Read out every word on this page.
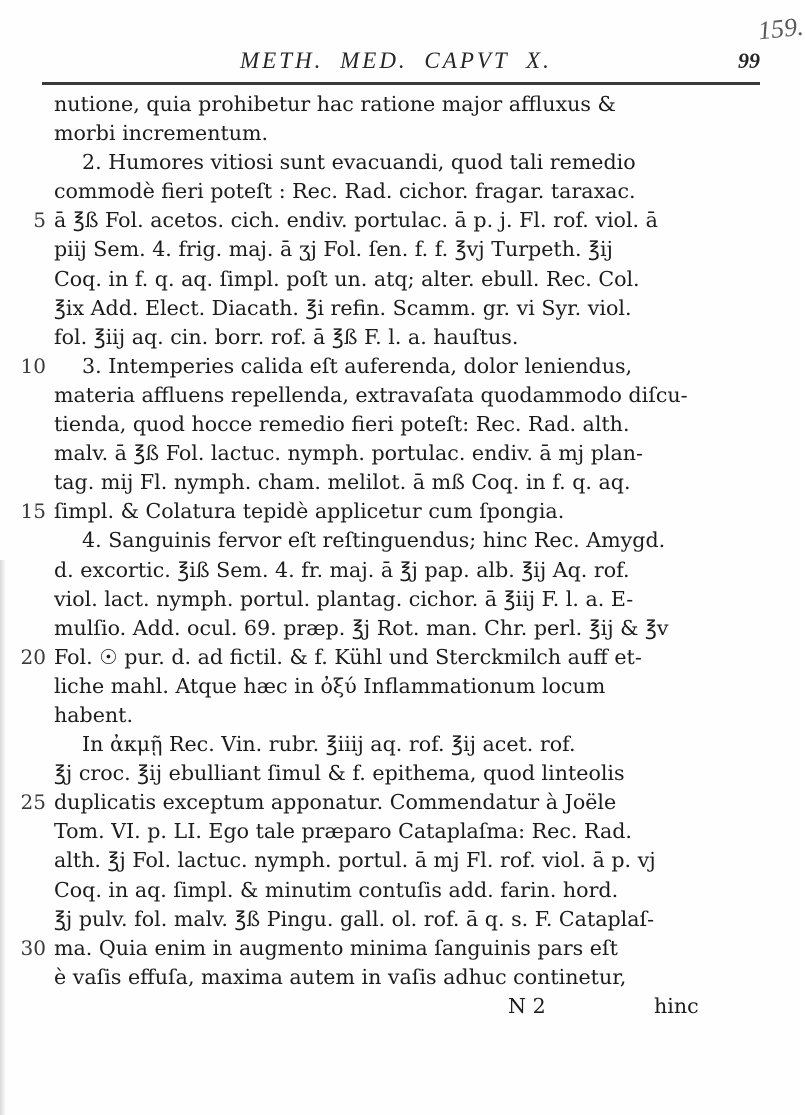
159.
METH. MED. CAPVT X.	99
nutione, quia prohibetur hac ratione major affluxus &
morbi incrementum.
2. Humores vitiosi sunt evacuandi, quod tali remedio
commodè fieri poteſt : Rec. Rad. cichor. fragar. taraxac.
5 ā ℥ß Fol. acetos. cich. endiv. portulac. ā p. j. Fl. rof. viol. ā
piij Sem. 4. frig. maj. ā ʒj Fol. ſen. f. f. ℥vj Turpeth. ℥ij
Coq. in f. q. aq. ſimpl. poſt un. atq; alter. ebull. Rec. Col.
℥ix Add. Elect. Diacath. ℥i refin. Scamm. gr. vi Syr. viol.
fol. ℥iij aq. cin. borr. rof. ā ℥ß F. l. a. hauſtus.
10 3. Intemperies calida eſt auferenda, dolor leniendus,
materia affluens repellenda, extravaſata quodammodo diſcu-
tienda, quod hocce remedio fieri poteſt: Rec. Rad. alth.
malv. ā ℥ß Fol. lactuc. nymph. portulac. endiv. ā mj plan-
tag. mij Fl. nymph. cham. melilot. ā mß Coq. in f. q. aq.
15 ſimpl. & Colatura tepidè applicetur cum ſpongia.
4. Sanguinis fervor eſt reſtinguendus; hinc Rec. Amygd.
d. excortic. ℥iß Sem. 4. fr. maj. ā ℥j pap. alb. ℥ij Aq. rof.
viol. lact. nymph. portul. plantag. cichor. ā ℥iij F. l. a. E-
mulſio. Add. ocul. 69. præp. ℥j Rot. man. Chr. perl. ℥ij & ℥v
20 Fol. ☉ pur. d. ad fictil. & f. Kühl und Sterckmilch auff et-
liche mahl. Atque hæc in ὀξύ Inflammationum locum
habent.
In ἀκμῇ Rec. Vin. rubr. ℥iiij aq. rof. ℥ij acet. rof.
℥j croc. ℥ij ebulliant ſimul & f. epithema, quod linteolis
25 duplicatis exceptum apponatur. Commendatur à Joële
Tom. VI. p. LI. Ego tale præparo Cataplaſma: Rec. Rad.
alth. ℥j Fol. lactuc. nymph. portul. ā mj Fl. rof. viol. ā p. vj
Coq. in aq. ſimpl. & minutim contuſis add. farin. hord.
℥j pulv. fol. malv. ℥ß Pingu. gall. ol. rof. ā q. s. F. Cataplaſ-
30 ma. Quia enim in augmento minima ſanguinis pars eſt
è vaſis effuſa, maxima autem in vaſis adhuc continetur,
N 2	hinc
